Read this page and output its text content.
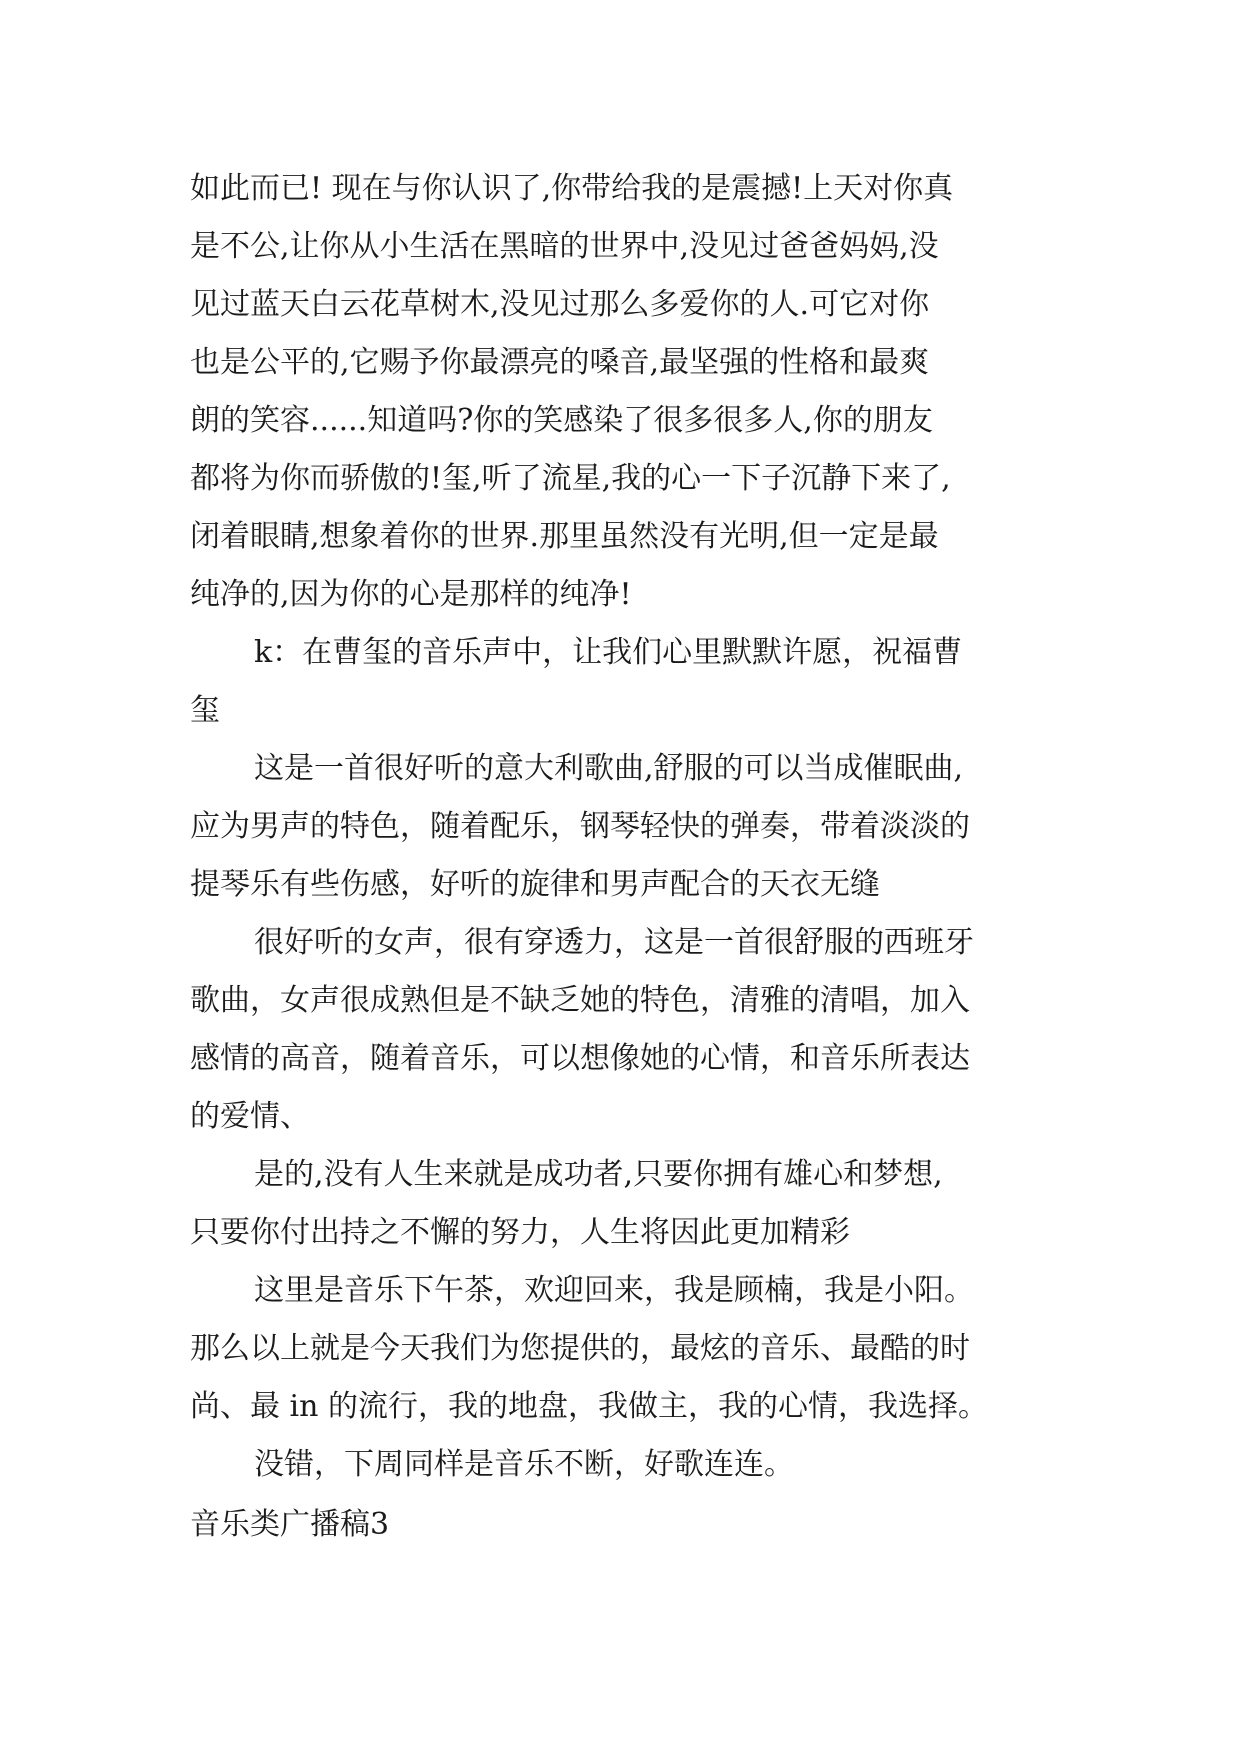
如此而已! 现在与你认识了,你带给我的是震撼!上天对你真
是不公,让你从小生活在黑暗的世界中,没见过爸爸妈妈,没
见过蓝天白云花草树木,没见过那么多爱你的人.可它对你
也是公平的,它赐予你最漂亮的嗓音,最坚强的性格和最爽
朗的笑容......知道吗?你的笑感染了很多很多人,你的朋友
都将为你而骄傲的!玺,听了流星,我的心一下子沉静下来了,
闭着眼睛,想象着你的世界.那里虽然没有光明,但一定是最
纯净的,因为你的心是那样的纯净!
k：在曹玺的音乐声中，让我们心里默默许愿，祝福曹
玺
这是一首很好听的意大利歌曲,舒服的可以当成催眠曲,
应为男声的特色，随着配乐，钢琴轻快的弹奏，带着淡淡的
提琴乐有些伤感，好听的旋律和男声配合的天衣无缝
很好听的女声，很有穿透力，这是一首很舒服的西班牙
歌曲，女声很成熟但是不缺乏她的特色，清雅的清唱，加入
感情的高音，随着音乐，可以想像她的心情，和音乐所表达
的爱情、
是的,没有人生来就是成功者,只要你拥有雄心和梦想,
只要你付出持之不懈的努力，人生将因此更加精彩
这里是音乐下午茶，欢迎回来，我是顾楠，我是小阳。
那么以上就是今天我们为您提供的，最炫的音乐、最酷的时
尚、最 in 的流行，我的地盘，我做主，我的心情，我选择。
没错，下周同样是音乐不断，好歌连连。
音乐类广播稿3
